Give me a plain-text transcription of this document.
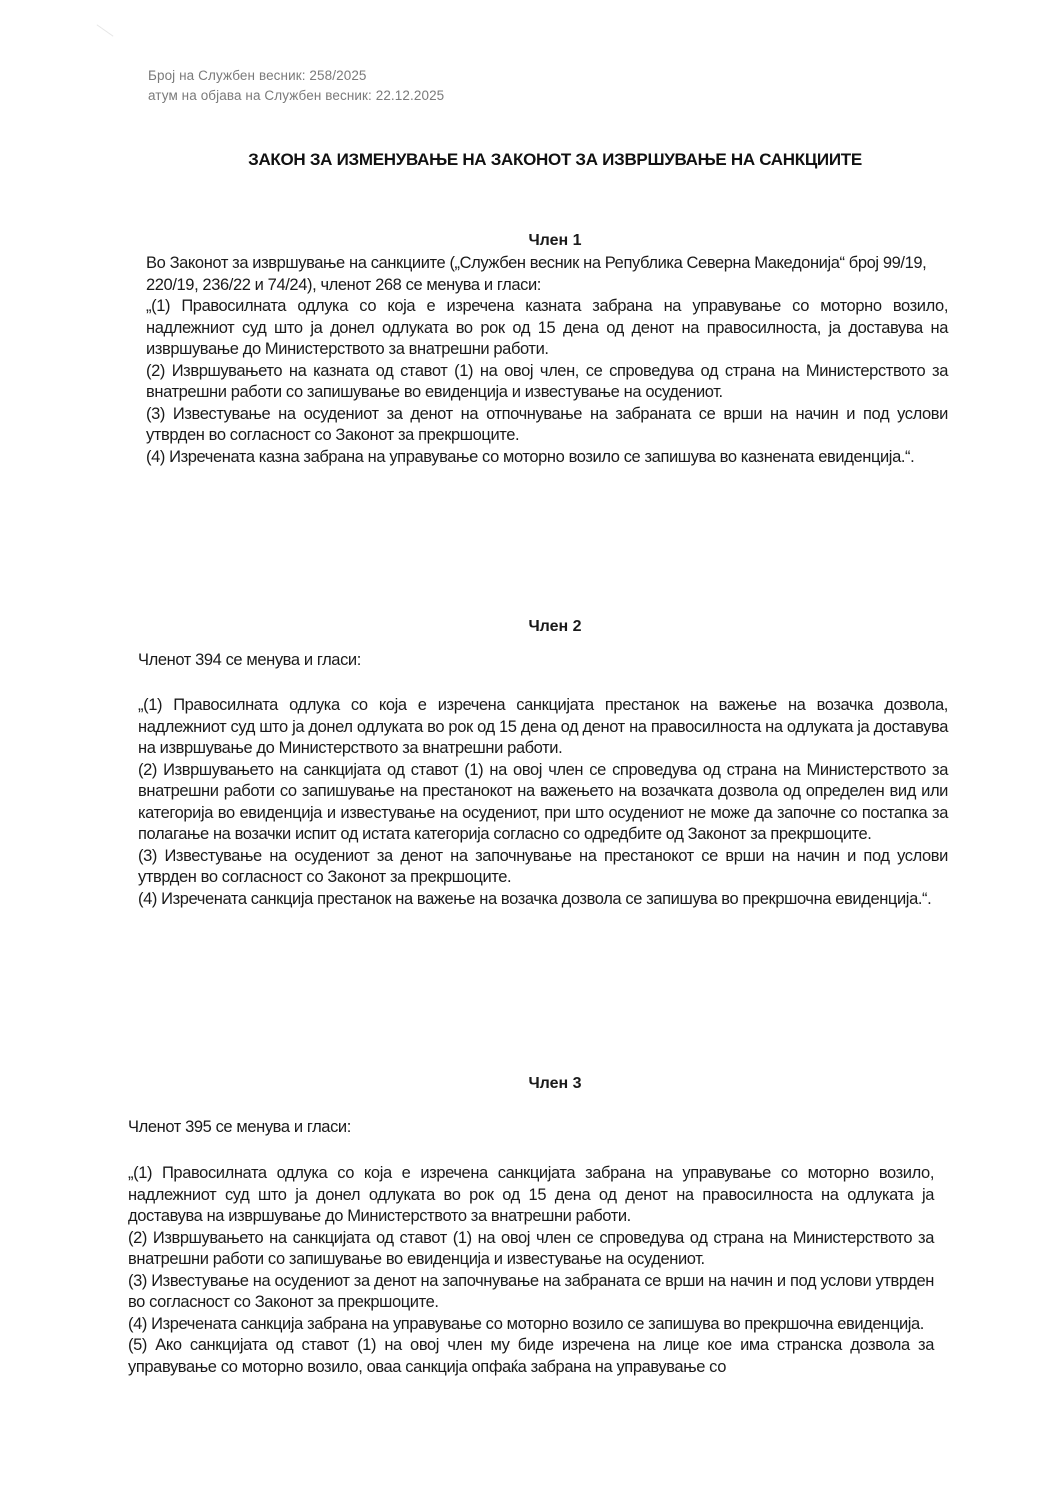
Број на Службен весник: 258/2025
атум на објава на Службен весник: 22.12.2025
ЗАКОН ЗА ИЗМЕНУВАЊЕ НА ЗАКОНОТ ЗА ИЗВРШУВАЊЕ НА САНКЦИИТЕ
Член 1

Во Законот за извршување на санкциите („Службен весник на Република Северна Македонија“ број 99/19, 220/19, 236/22 и 74/24), членот 268 се менува и гласи:

„(1) Правосилната одлука со која е изречена казната забрана на управување со моторно возило, надлежниот суд што ја донел одлуката во рок од 15 дена од денот на правосилноста, ја доставува на извршување до Министерството за внатрешни работи.

(2) Извршувањето на казната од ставот (1) на овој член, се спроведува од страна на Министерството за внатрешни работи со запишување во евиденција и известување на осудениот.

(3) Известување на осудениот за денот на отпочнување на забраната се врши на начин и под услови утврден во согласност со Законот за прекршоците.

(4) Изречената казна забрана на управување со моторно возило се запишува во казнената евиденција.“.

Член 2

Членот 394 се менува и гласи:

„(1) Правосилната одлука со која е изречена санкцијата престанок на важење на возачка дозвола, надлежниот суд што ја донел одлуката во рок од 15 дена од денот на правосилноста на одлуката ја доставува на извршување до Министерството за внатрешни работи.

(2) Извршувањето на санкцијата од ставот (1) на овој член се спроведува од страна на Министерството за внатрешни работи со запишување на престанокот на важењето на возачката дозвола од определен вид или категорија во евиденција и известување на осудениот, при што осудениот не може да започне со постапка за полагање на возачки испит од истата категорија согласно со одредбите од Законот за прекршоците.

(3) Известување на осудениот за денот на започнување на престанокот се врши на начин и под услови утврден во согласност со Законот за прекршоците.

(4) Изречената санкција престанок на важење на возачка дозвола се запишува во прекршочна евиденција.“.

Член 3

Членот 395 се менува и гласи:

„(1) Правосилната одлука со која е изречена санкцијата забрана на управување со моторно возило, надлежниот суд што ја донел одлуката во рок од 15 дена од денот на правосилноста на одлуката ја доставува на извршување до Министерството за внатрешни работи.

(2) Извршувањето на санкцијата од ставот (1) на овој член се спроведува од страна на Министерството за внатрешни работи со запишување во евиденција и известување на осудениот.

(3) Известување на осудениот за денот на започнување на забраната се врши на начин и под услови утврден во согласност со Законот за прекршоците.

(4) Изречената санкција забрана на управување со моторно возило се запишува во прекршочна евиденција.

(5) Ако санкцијата од ставот (1) на овој член му биде изречена на лице кое има странска дозвола за управување со моторно возило, оваа санкција опфаќа забрана на управување со
